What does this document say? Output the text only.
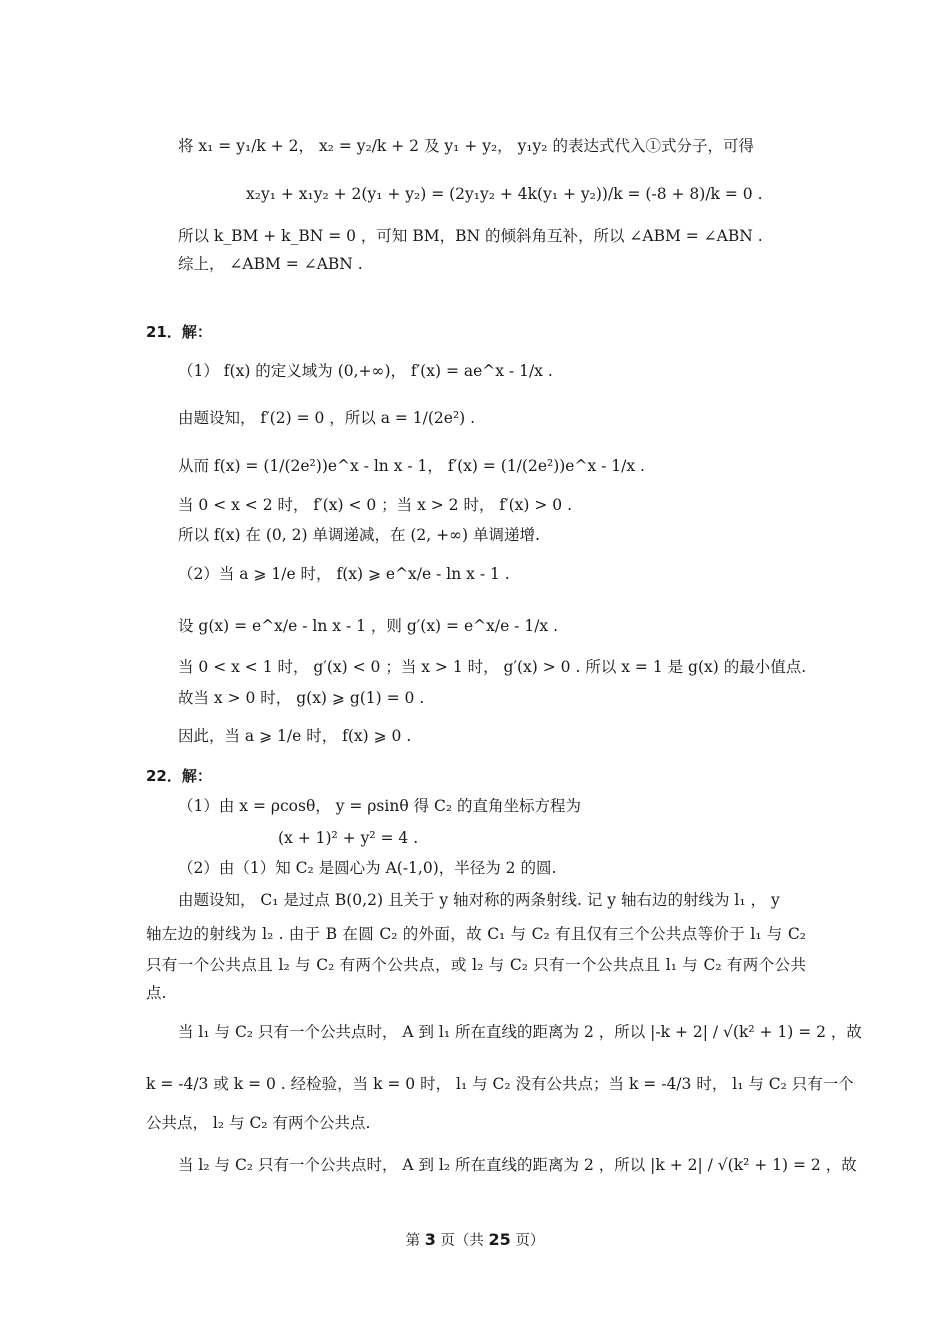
将 x₁ = y₁/k + 2， x₂ = y₂/k + 2 及 y₁ + y₂， y₁y₂ 的表达式代入①式分子，可得
x₂y₁ + x₁y₂ + 2(y₁ + y₂) = (2y₁y₂ + 4k(y₁ + y₂))/k = (-8 + 8)/k = 0 .
所以 k_BM + k_BN = 0 ，可知 BM，BN 的倾斜角互补，所以 ∠ABM = ∠ABN .
综上， ∠ABM = ∠ABN .
21．解：
（1） f(x) 的定义域为 (0,+∞)， f′(x) = ae^x - 1/x .
由题设知， f′(2) = 0 ，所以 a = 1/(2e²) .
从而 f(x) = (1/(2e²))e^x - ln x - 1， f′(x) = (1/(2e²))e^x - 1/x .
当 0 < x < 2 时， f′(x) < 0 ；当 x > 2 时， f′(x) > 0 .
所以 f(x) 在 (0, 2) 单调递减，在 (2, +∞) 单调递增.
（2）当 a ⩾ 1/e 时， f(x) ⩾ e^x/e - ln x - 1 .
设 g(x) = e^x/e - ln x - 1 ，则 g′(x) = e^x/e - 1/x .
当 0 < x < 1 时， g′(x) < 0 ；当 x > 1 时， g′(x) > 0 . 所以 x = 1 是 g(x) 的最小值点.
故当 x > 0 时， g(x) ⩾ g(1) = 0 .
因此，当 a ⩾ 1/e 时， f(x) ⩾ 0 .
22．解：
（1）由 x = ρcosθ， y = ρsinθ 得 C₂ 的直角坐标方程为
(x + 1)² + y² = 4 .
（2）由（1）知 C₂ 是圆心为 A(-1,0)，半径为 2 的圆.
由题设知， C₁ 是过点 B(0,2) 且关于 y 轴对称的两条射线. 记 y 轴右边的射线为 l₁ ， y
轴左边的射线为 l₂ . 由于 B 在圆 C₂ 的外面，故 C₁ 与 C₂ 有且仅有三个公共点等价于 l₁ 与 C₂
只有一个公共点且 l₂ 与 C₂ 有两个公共点，或 l₂ 与 C₂ 只有一个公共点且 l₁ 与 C₂ 有两个公共
点.
当 l₁ 与 C₂ 只有一个公共点时， A 到 l₁ 所在直线的距离为 2 ，所以 |-k + 2| / √(k² + 1) = 2 ，故
k = -4/3 或 k = 0 . 经检验，当 k = 0 时， l₁ 与 C₂ 没有公共点；当 k = -4/3 时， l₁ 与 C₂ 只有一个
公共点， l₂ 与 C₂ 有两个公共点.
当 l₂ 与 C₂ 只有一个公共点时， A 到 l₂ 所在直线的距离为 2 ，所以 |k + 2| / √(k² + 1) = 2 ，故
第 3 页（共 25 页）
